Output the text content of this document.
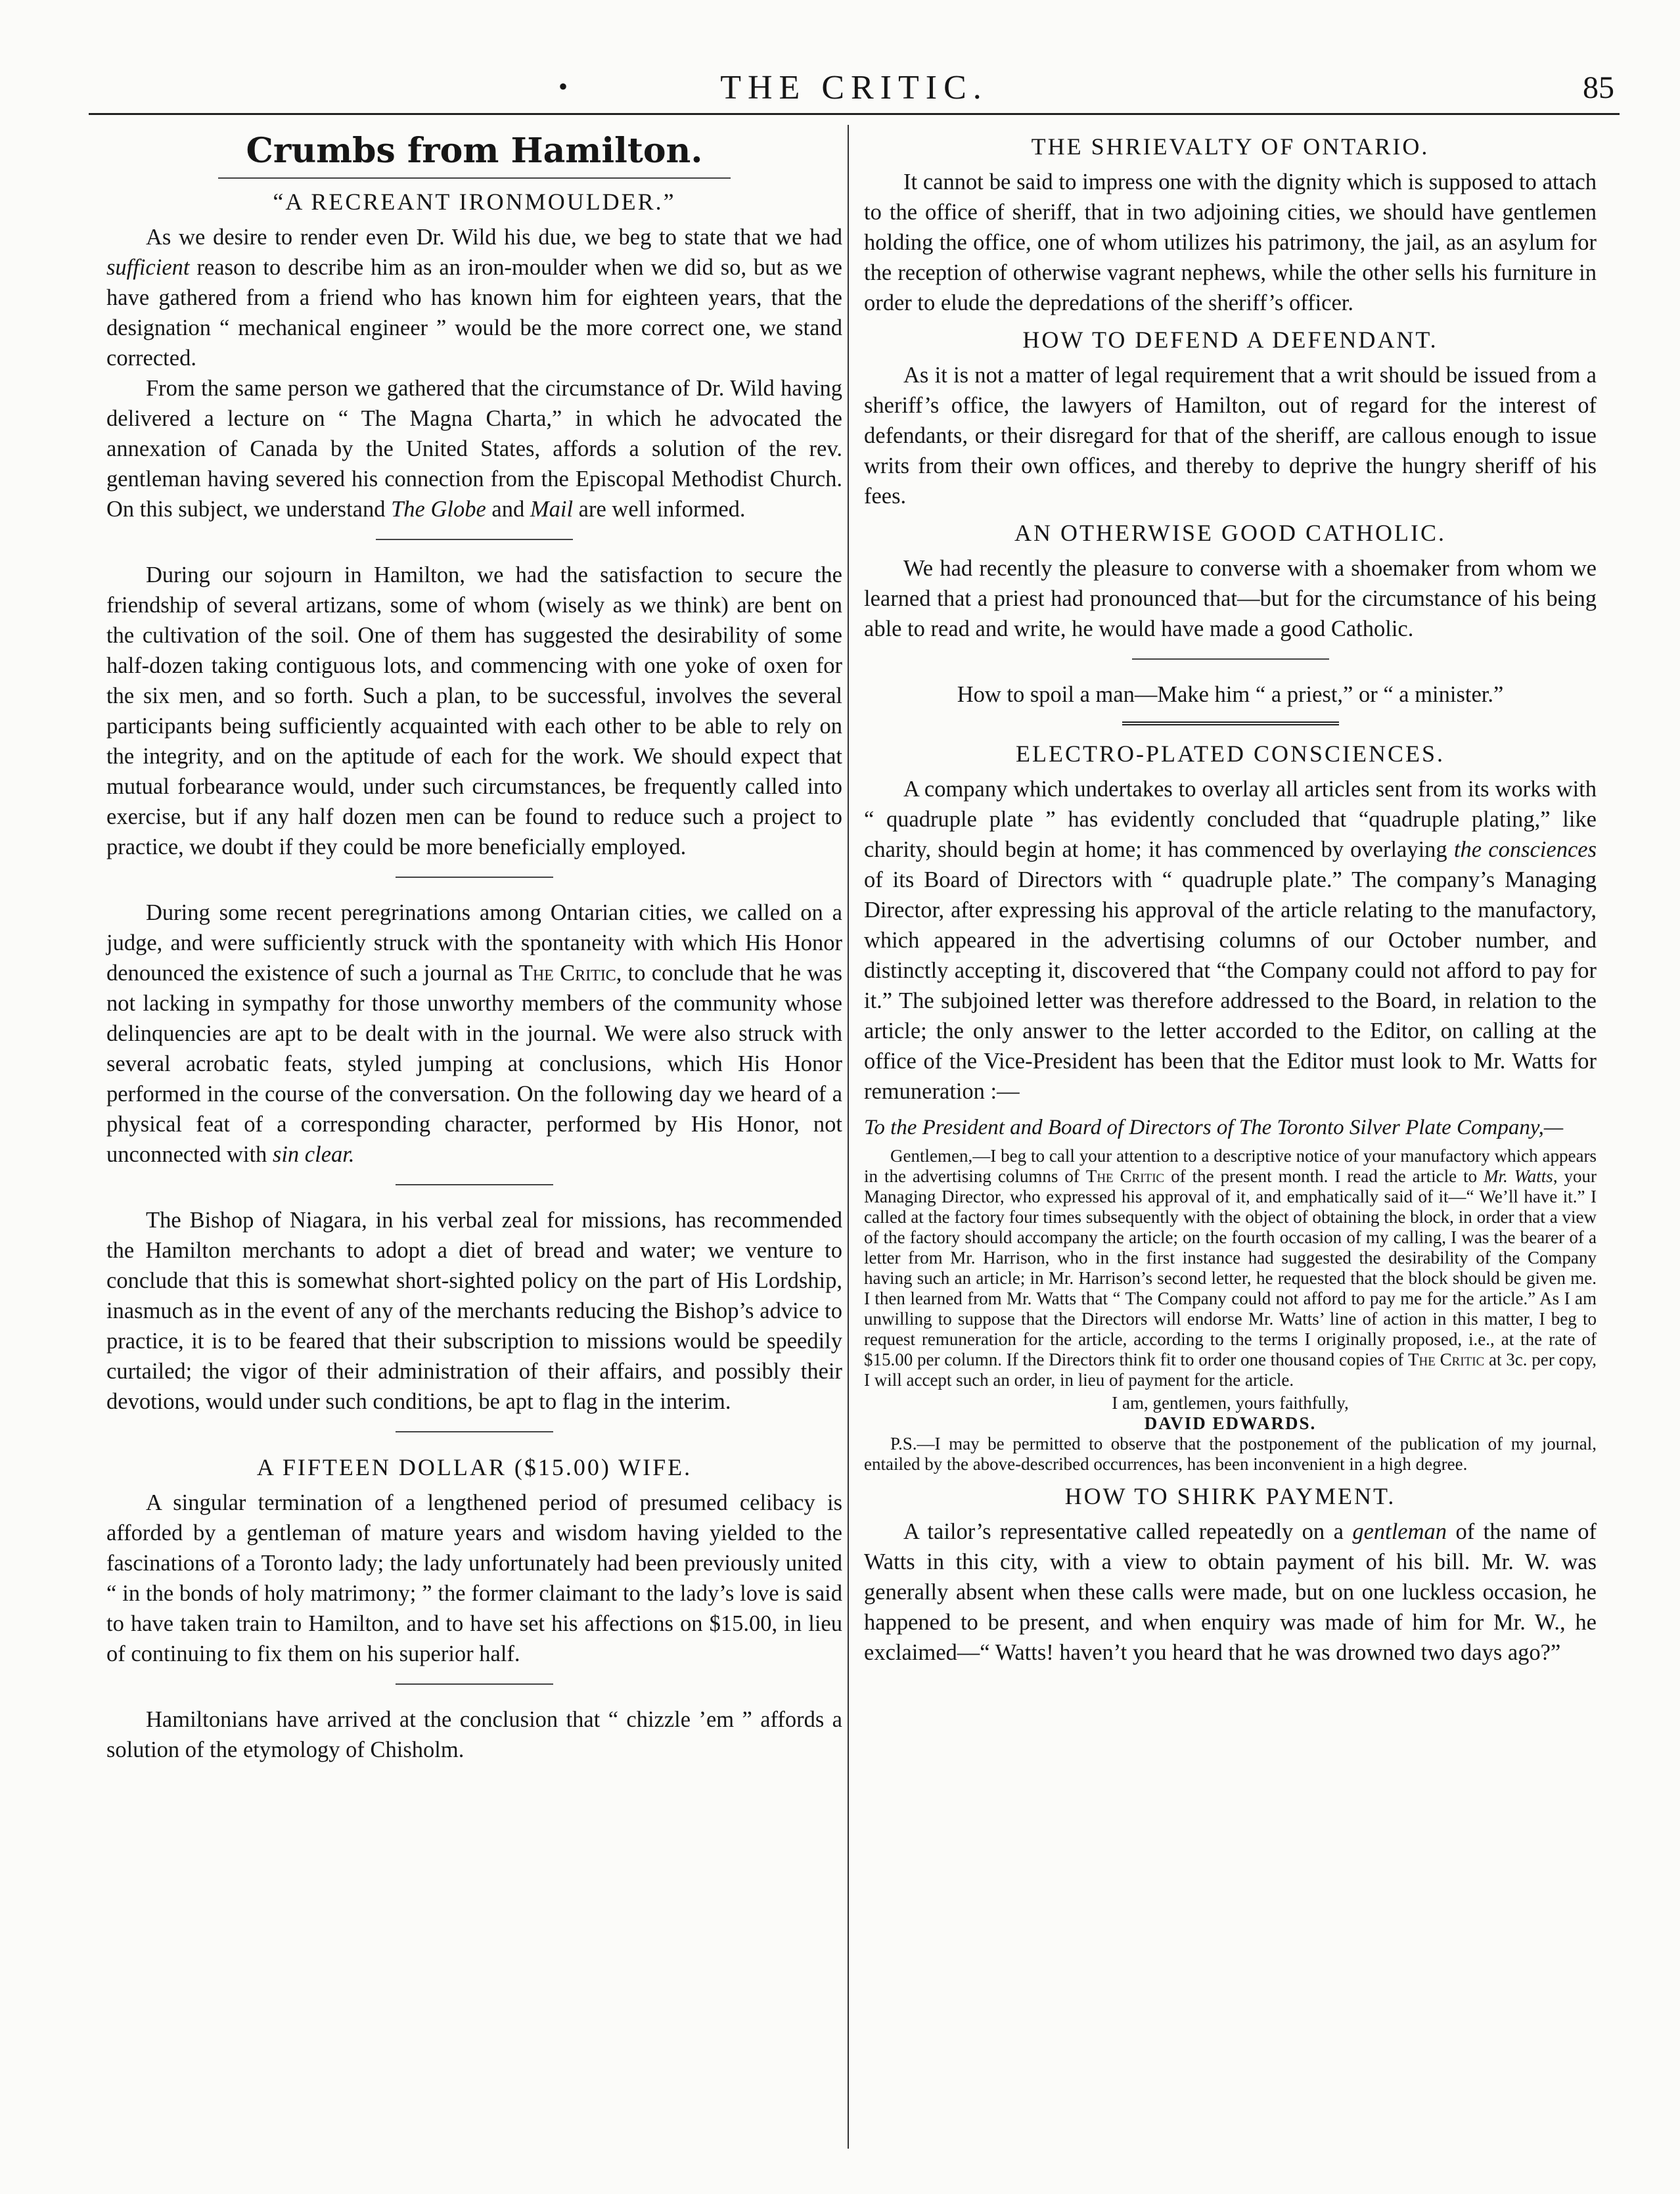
•	THE CRITIC.	85
Crumbs from Hamilton.
“A RECREANT IRONMOULDER.”

As we desire to render even Dr. Wild his due, we beg to state that we had sufficient reason to describe him as an iron-moulder when we did so, but as we have gathered from a friend who has known him for eighteen years, that the designation “ mechanical engineer ” would be the more correct one, we stand corrected.

From the same person we gathered that the circumstance of Dr. Wild having delivered a lecture on “ The Magna Charta,” in which he advocated the annexation of Canada by the United States, affords a solution of the rev. gentleman having severed his connection from the Episcopal Methodist Church. On this subject, we understand The Globe and Mail are well informed.

During our sojourn in Hamilton, we had the satisfaction to secure the friendship of several artizans, some of whom (wisely as we think) are bent on the cultivation of the soil. One of them has suggested the desirability of some half-dozen taking contiguous lots, and commencing with one yoke of oxen for the six men, and so forth. Such a plan, to be successful, involves the several participants being sufficiently acquainted with each other to be able to rely on the integrity, and on the aptitude of each for the work. We should expect that mutual forbearance would, under such circumstances, be frequently called into exercise, but if any half dozen men can be found to reduce such a project to practice, we doubt if they could be more beneficially employed.

During some recent peregrinations among Ontarian cities, we called on a judge, and were sufficiently struck with the spontaneity with which His Honor denounced the existence of such a journal as The Critic, to conclude that he was not lacking in sympathy for those unworthy members of the community whose delinquencies are apt to be dealt with in the journal. We were also struck with several acrobatic feats, styled jumping at conclusions, which His Honor performed in the course of the conversation. On the following day we heard of a physical feat of a corresponding character, performed by His Honor, not unconnected with sin clear.

The Bishop of Niagara, in his verbal zeal for missions, has recommended the Hamilton merchants to adopt a diet of bread and water; we venture to conclude that this is somewhat short-sighted policy on the part of His Lordship, inasmuch as in the event of any of the merchants reducing the Bishop’s advice to practice, it is to be feared that their subscription to missions would be speedily curtailed; the vigor of their administration of their affairs, and possibly their devotions, would under such conditions, be apt to flag in the interim.

A FIFTEEN DOLLAR ($15.00) WIFE.

A singular termination of a lengthened period of presumed celibacy is afforded by a gentleman of mature years and wisdom having yielded to the fascinations of a Toronto lady; the lady unfortunately had been previously united “ in the bonds of holy matrimony; ” the former claimant to the lady’s love is said to have taken train to Hamilton, and to have set his affections on $15.00, in lieu of continuing to fix them on his superior half.

Hamiltonians have arrived at the conclusion that “ chizzle ’em ” affords a solution of the etymology of Chisholm.

THE SHRIEVALTY OF ONTARIO.

It cannot be said to impress one with the dignity which is supposed to attach to the office of sheriff, that in two adjoining cities, we should have gentlemen holding the office, one of whom utilizes his patrimony, the jail, as an asylum for the reception of otherwise vagrant nephews, while the other sells his furniture in order to elude the depredations of the sheriff’s officer.

HOW TO DEFEND A DEFENDANT.

As it is not a matter of legal requirement that a writ should be issued from a sheriff’s office, the lawyers of Hamilton, out of regard for the interest of defendants, or their disregard for that of the sheriff, are callous enough to issue writs from their own offices, and thereby to deprive the hungry sheriff of his fees.

AN OTHERWISE GOOD CATHOLIC.

We had recently the pleasure to converse with a shoemaker from whom we learned that a priest had pronounced that—but for the circumstance of his being able to read and write, he would have made a good Catholic.

How to spoil a man—Make him “ a priest,” or “ a minister.”
ELECTRO-PLATED CONSCIENCES.

A company which undertakes to overlay all articles sent from its works with “ quadruple plate ” has evidently concluded that “quadruple plating,” like charity, should begin at home; it has commenced by overlaying the consciences of its Board of Directors with “ quadruple plate.” The company’s Managing Director, after expressing his approval of the article relating to the manufactory, which appeared in the advertising columns of our October number, and distinctly accepting it, discovered that “the Company could not afford to pay for it.” The subjoined letter was therefore addressed to the Board, in relation to the article; the only answer to the letter accorded to the Editor, on calling at the office of the Vice-President has been that the Editor must look to Mr. Watts for remuneration :—

To the President and Board of Directors of The Toronto Silver Plate Company,—

Gentlemen,—I beg to call your attention to a descriptive notice of your manufactory which appears in the advertising columns of The Critic of the present month. I read the article to Mr. Watts, your Managing Director, who expressed his approval of it, and emphatically said of it—“ We’ll have it.” I called at the factory four times subsequently with the object of obtaining the block, in order that a view of the factory should accompany the article; on the fourth occasion of my calling, I was the bearer of a letter from Mr. Harrison, who in the first instance had suggested the desirability of the Company having such an article; in Mr. Harrison’s second letter, he requested that the block should be given me. I then learned from Mr. Watts that “ The Company could not afford to pay me for the article.” As I am unwilling to suppose that the Directors will endorse Mr. Watts’ line of action in this matter, I beg to request remuneration for the article, according to the terms I originally proposed, i.e., at the rate of $15.00 per column. If the Directors think fit to order one thousand copies of The Critic at 3c. per copy, I will accept such an order, in lieu of payment for the article.

I am, gentlemen, yours faithfully,
DAVID EDWARDS.

P.S.—I may be permitted to observe that the postponement of the publication of my journal, entailed by the above-described occurrences, has been inconvenient in a high degree.

HOW TO SHIRK PAYMENT.

A tailor’s representative called repeatedly on a gentleman of the name of Watts in this city, with a view to obtain payment of his bill. Mr. W. was generally absent when these calls were made, but on one luckless occasion, he happened to be present, and when enquiry was made of him for Mr. W., he exclaimed—“ Watts! haven’t you heard that he was drowned two days ago?”
